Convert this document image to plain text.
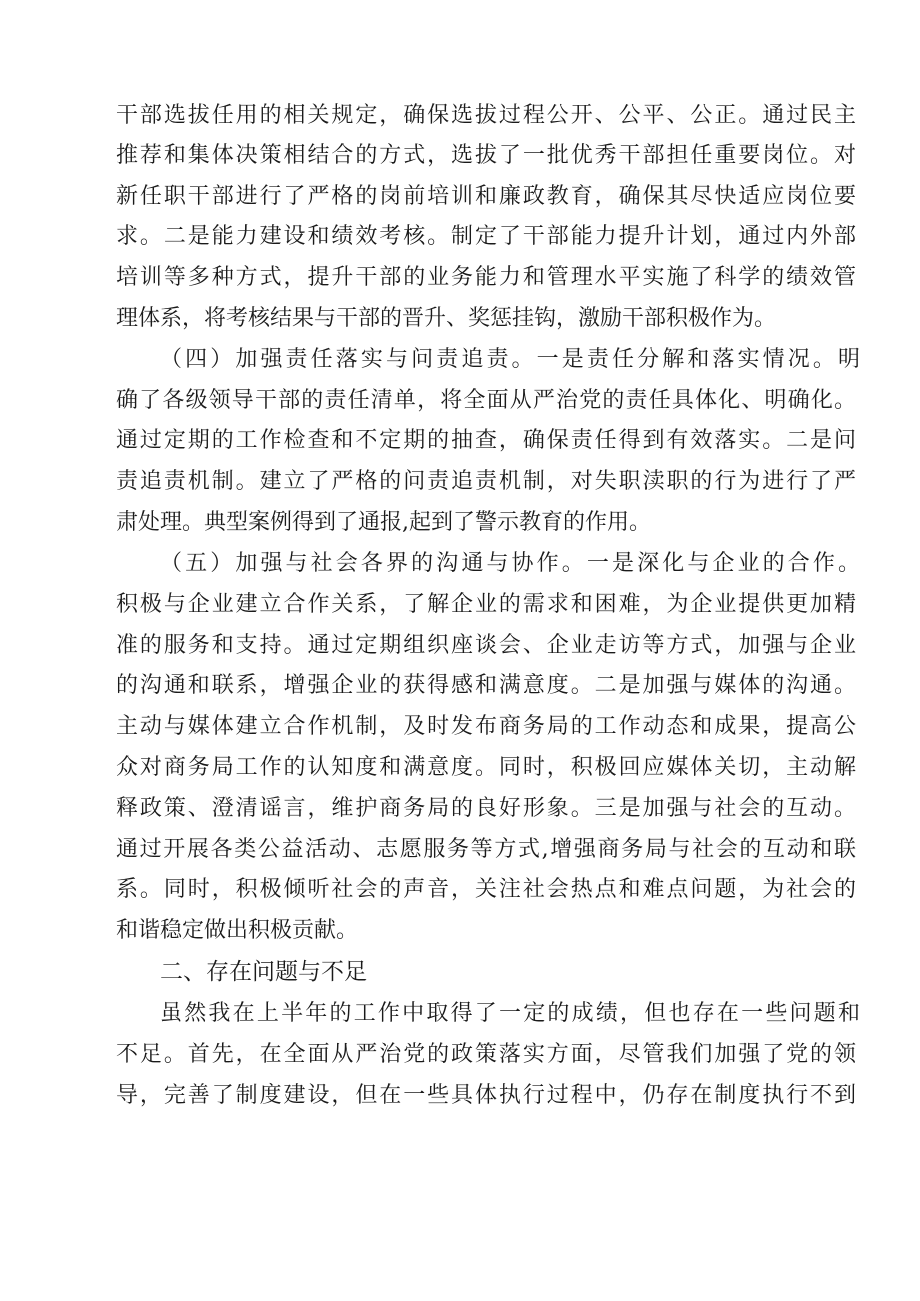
干部选拔任用的相关规定，确保选拔过程公开、公平、公正。通过民主
推荐和集体决策相结合的方式，选拔了一批优秀干部担任重要岗位。对
新任职干部进行了严格的岗前培训和廉政教育，确保其尽快适应岗位要
求。二是能力建设和绩效考核。制定了干部能力提升计划，通过内外部
培训等多种方式，提升干部的业务能力和管理水平实施了科学的绩效管
理体系，将考核结果与干部的晋升、奖惩挂钩，激励干部积极作为。
（四）加强责任落实与问责追责。一是责任分解和落实情况。明
确了各级领导干部的责任清单，将全面从严治党的责任具体化、明确化。
通过定期的工作检查和不定期的抽查，确保责任得到有效落实。二是问
责追责机制。建立了严格的问责追责机制，对失职渎职的行为进行了严
肃处理。典型案例得到了通报,起到了警示教育的作用。
（五）加强与社会各界的沟通与协作。一是深化与企业的合作。
积极与企业建立合作关系，了解企业的需求和困难，为企业提供更加精
准的服务和支持。通过定期组织座谈会、企业走访等方式，加强与企业
的沟通和联系，增强企业的获得感和满意度。二是加强与媒体的沟通。
主动与媒体建立合作机制，及时发布商务局的工作动态和成果，提高公
众对商务局工作的认知度和满意度。同时，积极回应媒体关切，主动解
释政策、澄清谣言，维护商务局的良好形象。三是加强与社会的互动。
通过开展各类公益活动、志愿服务等方式,增强商务局与社会的互动和联
系。同时，积极倾听社会的声音，关注社会热点和难点问题，为社会的
和谐稳定做出积极贡献。
二、存在问题与不足
虽然我在上半年的工作中取得了一定的成绩，但也存在一些问题和
不足。首先，在全面从严治党的政策落实方面，尽管我们加强了党的领
导，完善了制度建设，但在一些具体执行过程中，仍存在制度执行不到
